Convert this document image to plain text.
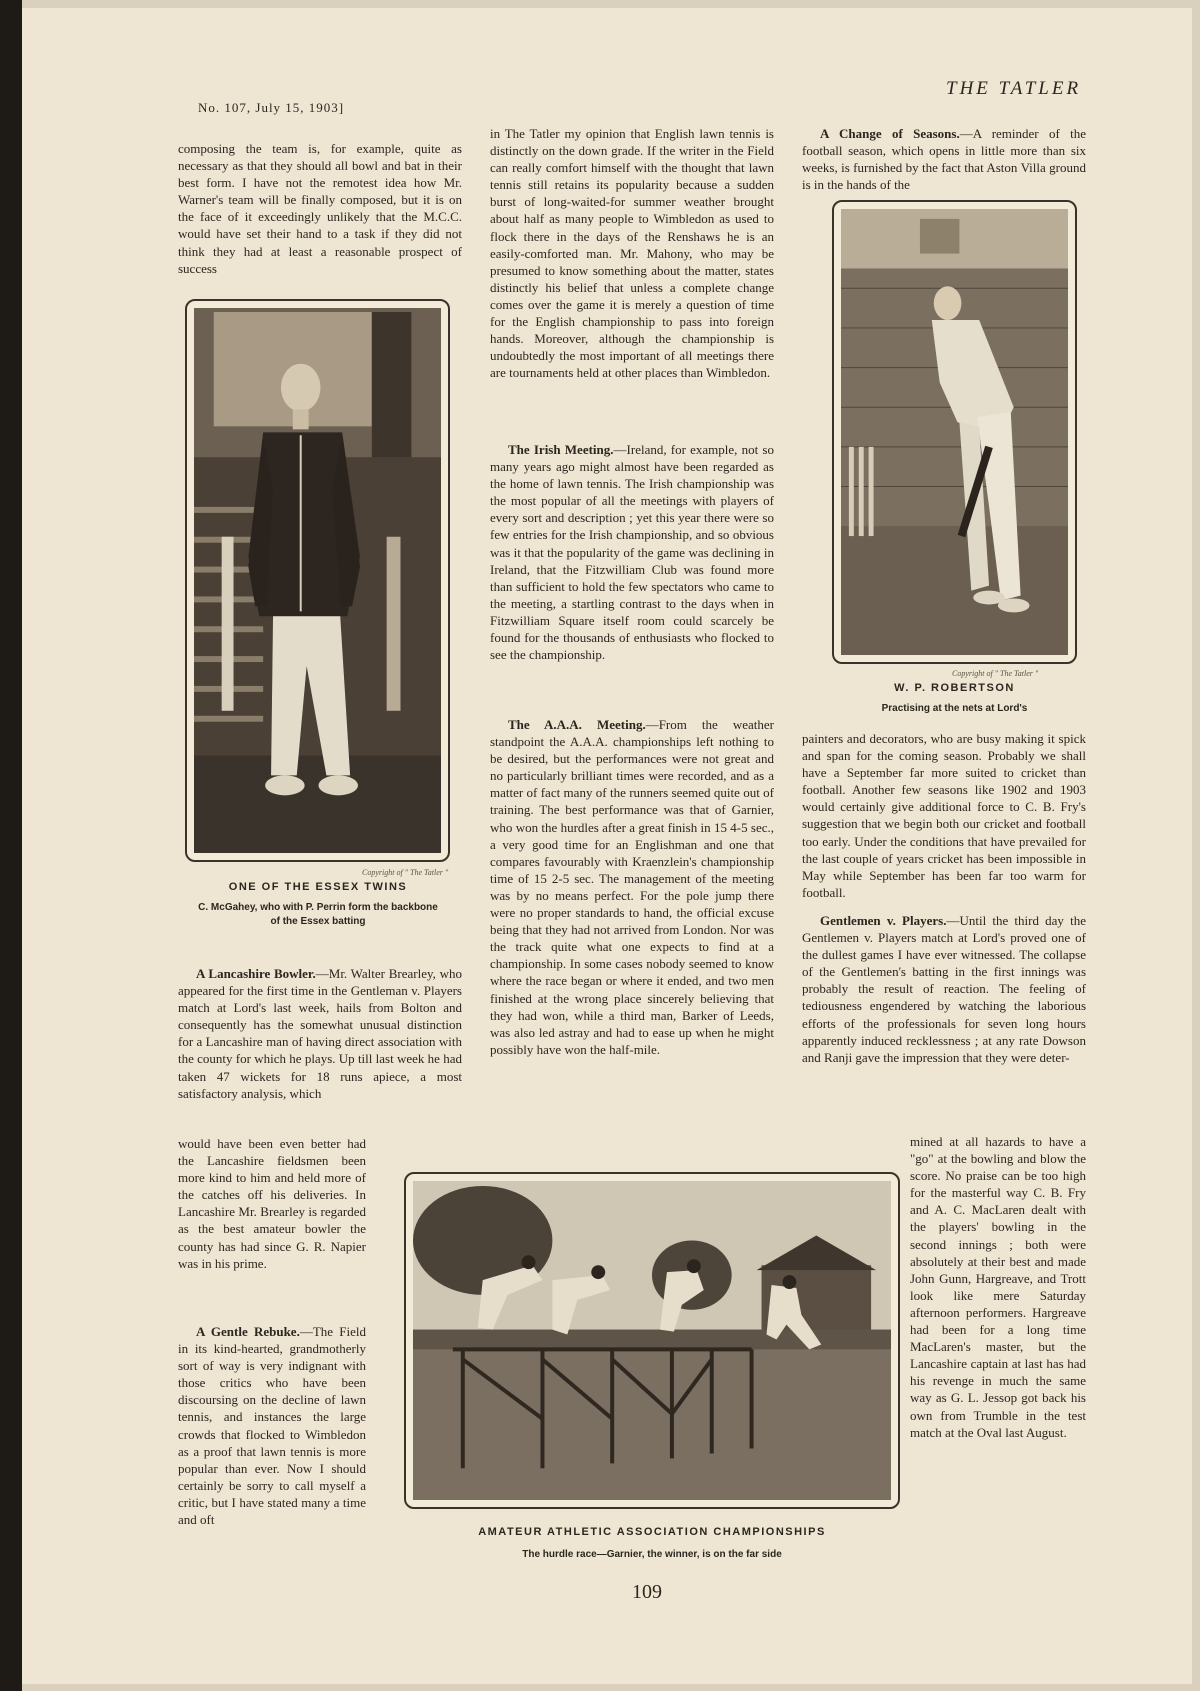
No. 107, July 15, 1903]
THE TATLER

composing the team is, for example, quite as necessary as that they should all bowl and bat in their best form. I have not the remotest idea how Mr. Warner's team will be finally composed, but it is on the face of it exceedingly unlikely that the M.C.C. would have set their hand to a task if they did not think they had at least a reasonable prospect of success

Copyright of " The Tatler "
ONE OF THE ESSEX TWINS
C. McGahey, who with P. Perrin form the backbone of the Essex batting

A Lancashire Bowler.—Mr. Walter Brearley, who appeared for the first time in the Gentleman v. Players match at Lord's last week, hails from Bolton and consequently has the somewhat unusual distinction for a Lancashire man of having direct association with the county for which he plays. Up till last week he had taken 47 wickets for 18 runs apiece, a most satisfactory analysis, which

would have been even better had the Lancashire fieldsmen been more kind to him and held more of the catches off his deliveries. In Lancashire Mr. Brearley is regarded as the best amateur bowler the county has had since G. R. Napier was in his prime.

A Gentle Rebuke.—The Field in its kind-hearted, grandmotherly sort of way is very indignant with those critics who have been discoursing on the decline of lawn tennis, and instances the large crowds that flocked to Wimbledon as a proof that lawn tennis is more popular than ever. Now I should certainly be sorry to call myself a critic, but I have stated many a time and oft

in The Tatler my opinion that English lawn tennis is distinctly on the down grade. If the writer in the Field can really comfort himself with the thought that lawn tennis still retains its popularity because a sudden burst of long-waited-for summer weather brought about half as many people to Wimbledon as used to flock there in the days of the Renshaws he is an easily-comforted man. Mr. Mahony, who may be presumed to know something about the matter, states distinctly his belief that unless a complete change comes over the game it is merely a question of time for the English championship to pass into foreign hands. Moreover, although the championship is undoubtedly the most important of all meetings there are tournaments held at other places than Wimbledon.

The Irish Meeting.—Ireland, for example, not so many years ago might almost have been regarded as the home of lawn tennis. The Irish championship was the most popular of all the meetings with players of every sort and description ; yet this year there were so few entries for the Irish championship, and so obvious was it that the popularity of the game was declining in Ireland, that the Fitzwilliam Club was found more than sufficient to hold the few spectators who came to the meeting, a startling contrast to the days when in Fitzwilliam Square itself room could scarcely be found for the thousands of enthusiasts who flocked to see the championship.

The A.A.A. Meeting.—From the weather standpoint the A.A.A. championships left nothing to be desired, but the performances were not great and no particularly brilliant times were recorded, and as a matter of fact many of the runners seemed quite out of training. The best performance was that of Garnier, who won the hurdles after a great finish in 15 4-5 sec., a very good time for an Englishman and one that compares favourably with Kraenzlein's championship time of 15 2-5 sec. The management of the meeting was by no means perfect. For the pole jump there were no proper standards to hand, the official excuse being that they had not arrived from London. Nor was the track quite what one expects to find at a championship. In some cases nobody seemed to know where the race began or where it ended, and two men finished at the wrong place sincerely believing that they had won, while a third man, Barker of Leeds, was also led astray and had to ease up when he might possibly have won the half-mile.

A Change of Seasons.—A reminder of the football season, which opens in little more than six weeks, is furnished by the fact that Aston Villa ground is in the hands of the

Copyright of " The Tatler "
W. P. ROBERTSON
Practising at the nets at Lord's

painters and decorators, who are busy making it spick and span for the coming season. Probably we shall have a September far more suited to cricket than football. Another few seasons like 1902 and 1903 would certainly give additional force to C. B. Fry's suggestion that we begin both our cricket and football too early. Under the conditions that have prevailed for the last couple of years cricket has been impossible in May while September has been far too warm for football.

Gentlemen v. Players.—Until the third day the Gentlemen v. Players match at Lord's proved one of the dullest games I have ever witnessed. The collapse of the Gentlemen's batting in the first innings was probably the result of reaction. The feeling of tediousness engendered by watching the laborious efforts of the professionals for seven long hours apparently induced recklessness ; at any rate Dowson and Ranji gave the impression that they were deter-

mined at all hazards to have a "go" at the bowling and blow the score. No praise can be too high for the masterful way C. B. Fry and A. C. MacLaren dealt with the players' bowling in the second innings ; both were absolutely at their best and made John Gunn, Hargreave, and Trott look like mere Saturday afternoon performers. Hargreave had been for a long time MacLaren's master, but the Lancashire captain at last has had his revenge in much the same way as G. L. Jessop got back his own from Trumble in the test match at the Oval last August.

AMATEUR ATHLETIC ASSOCIATION CHAMPIONSHIPS
The hurdle race—Garnier, the winner, is on the far side
109
